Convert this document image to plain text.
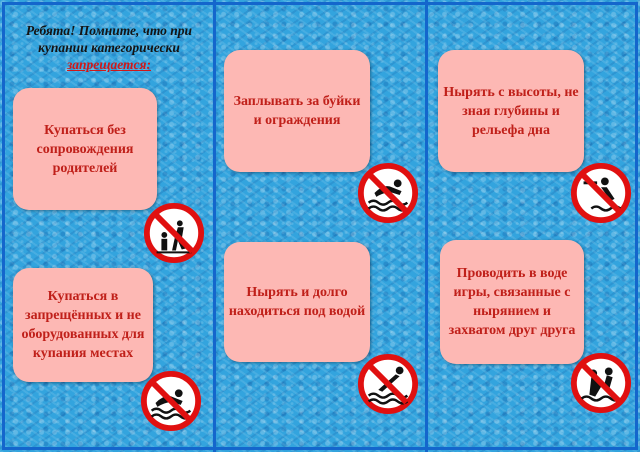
Ребята! Помните, что при купании категорически запрещается:
Купаться без сопровождения родителей
Купаться в запрещённых и не оборудованных для купания местах
Заплывать за буйки и ограждения
Нырять и долго находиться под водой
Нырять с высоты, не зная глубины и рельефа дна
Проводить в воде игры, связанные с нырянием и захватом друг друга
